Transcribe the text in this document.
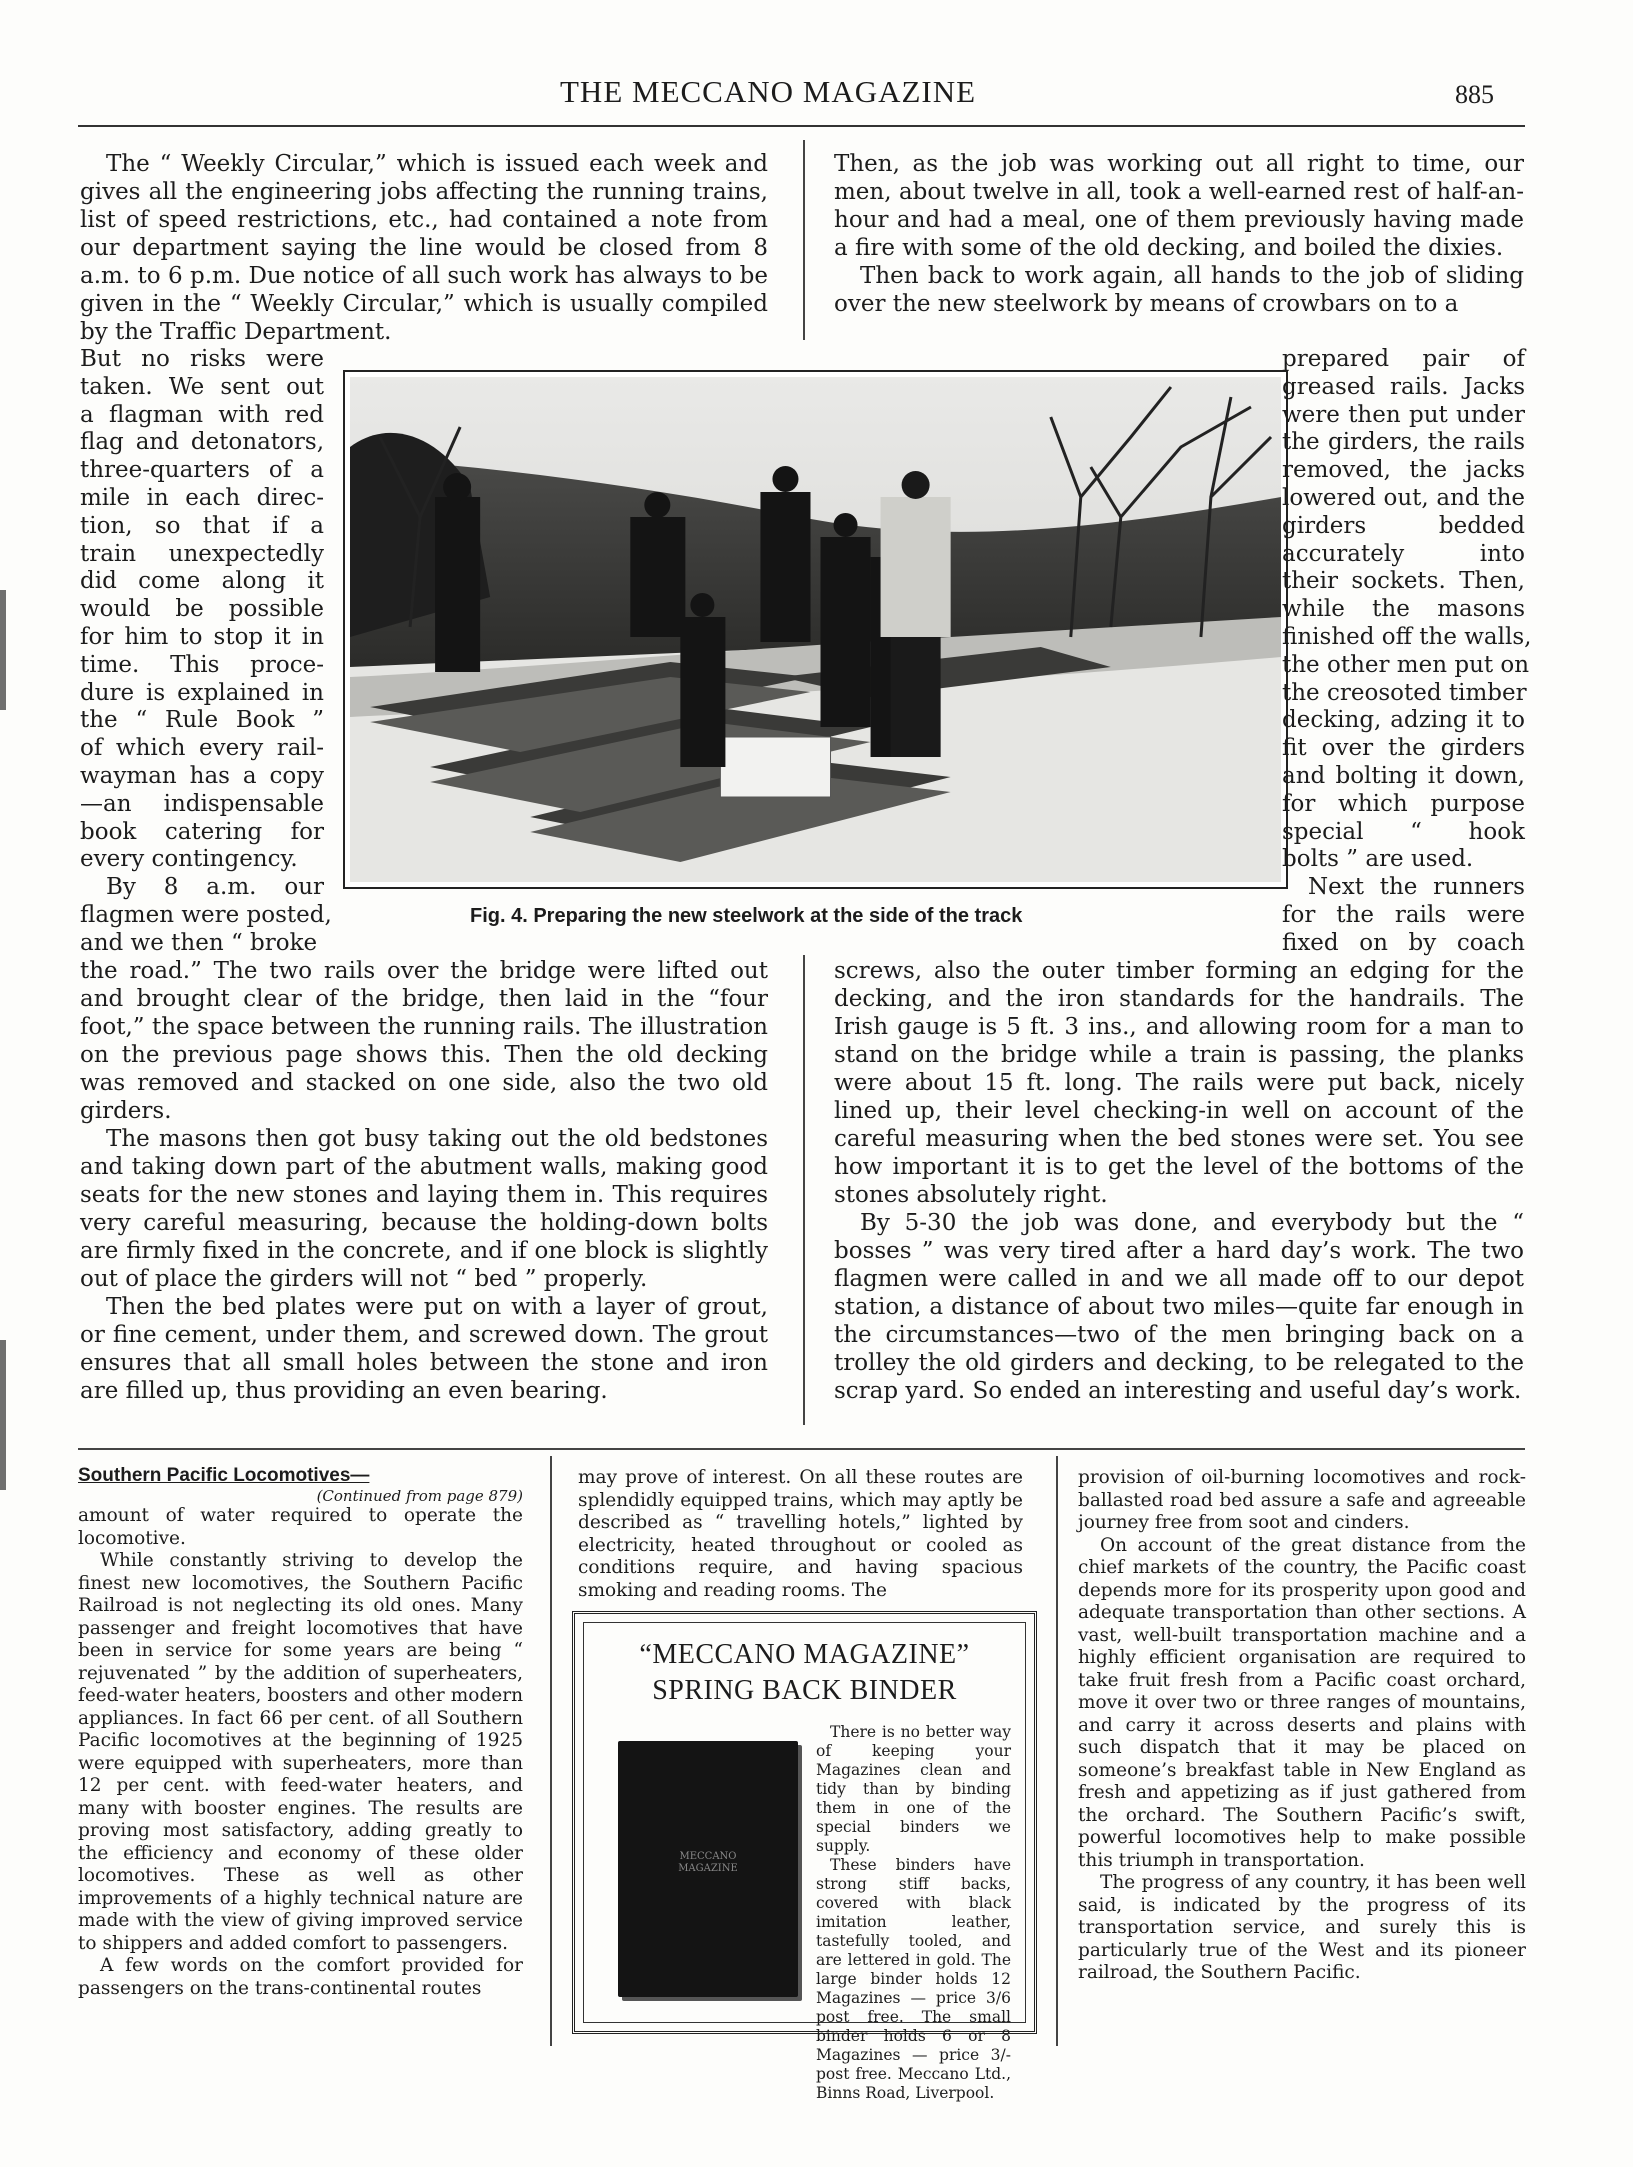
THE MECCANO MAGAZINE	885

The “ Weekly Circular,” which is issued each week and gives all the engineering jobs affecting the running trains, list of speed restrictions, etc., had contained a note from our department saying the line would be closed from 8 a.m. to 6 p.m. Due notice of all such work has always to be given in the “ Weekly Circular,” which is usually compiled by the Traffic Department.

But no risks were
taken. We sent out
a flagman with red
flag and detonators,
three-quarters of a
mile in each direc-
tion, so that if a
train unexpectedly
did come along it
would be possible
for him to stop it in
time. This proce-
dure is explained in
the “ Rule Book ”
of which every rail-
wayman has a copy
—an indispensable
book catering for
every contingency.
By 8 a.m. our
flagmen were posted,
and we then “ broke
Fig. 4. Preparing the new steelwork at the side of the track

the road.” The two rails over the bridge were lifted out and brought clear of the bridge, then laid in the “four foot,” the space between the running rails. The illustration on the previous page shows this. Then the old decking was removed and stacked on one side, also the two old girders.

The masons then got busy taking out the old bedstones and taking down part of the abutment walls, making good seats for the new stones and laying them in. This requires very careful measuring, because the holding-down bolts are firmly fixed in the concrete, and if one block is slightly out of place the girders will not “ bed ” properly.

Then the bed plates were put on with a layer of grout, or fine cement, under them, and screwed down. The grout ensures that all small holes between the stone and iron are filled up, thus providing an even bearing.

Then, as the job was working out all right to time, our men, about twelve in all, took a well-earned rest of half-an-hour and had a meal, one of them previously having made a fire with some of the old decking, and boiled the dixies.

Then back to work again, all hands to the job of sliding over the new steelwork by means of crowbars on to a

prepared pair of
greased rails. Jacks
were then put under
the girders, the rails
removed, the jacks
lowered out, and the
girders bedded
accurately into
their sockets. Then,
while the masons
finished off the walls,
the other men put on
the creosoted timber
decking, adzing it to
fit over the girders
and bolting it down,
for which purpose
special “ hook
bolts ” are used.
Next the runners
for the rails were
fixed on by coach

screws, also the outer timber forming an edging for the decking, and the iron standards for the handrails. The Irish gauge is 5 ft. 3 ins., and allowing room for a man to stand on the bridge while a train is passing, the planks were about 15 ft. long. The rails were put back, nicely lined up, their level checking-in well on account of the careful measuring when the bed stones were set. You see how important it is to get the level of the bottoms of the stones absolutely right.

By 5-30 the job was done, and everybody but the “ bosses ” was very tired after a hard day’s work. The two flagmen were called in and we all made off to our depot station, a distance of about two miles—quite far enough in the circumstances—two of the men bringing back on a trolley the old girders and decking, to be relegated to the scrap yard. So ended an interesting and useful day’s work.

Southern Pacific Locomotives—
(Continued from page 879)

amount of water required to operate the locomotive.

While constantly striving to develop the finest new locomotives, the Southern Pacific Railroad is not neglecting its old ones. Many passenger and freight locomotives that have been in service for some years are being “ rejuvenated ” by the addition of superheaters, feed-water heaters, boosters and other modern appliances. In fact 66 per cent. of all Southern Pacific locomotives at the beginning of 1925 were equipped with superheaters, more than 12 per cent. with feed-water heaters, and many with booster engines. The results are proving most satisfactory, adding greatly to the efficiency and economy of these older locomotives. These as well as other improvements of a highly technical nature are made with the view of giving improved service to shippers and added comfort to passengers.

A few words on the comfort provided for passengers on the trans-continental routes

may prove of interest. On all these routes are splendidly equipped trains, which may aptly be described as “ travelling hotels,” lighted by electricity, heated throughout or cooled as conditions require, and having spacious smoking and reading rooms. The

“MECCANO MAGAZINE”
SPRING BACK BINDER
MECCANO
MAGAZINE

There is no better way of keeping your Magazines clean and tidy than by binding them in one of the special binders we supply.

These binders have strong stiff backs, covered with black imitation leather, tastefully tooled, and are lettered in gold. The large binder holds 12 Magazines — price 3/6 post free. The small binder holds 6 or 8 Magazines — price 3/- post free. Meccano Ltd., Binns Road, Liverpool.

provision of oil-burning locomotives and rock-ballasted road bed assure a safe and agreeable journey free from soot and cinders.

On account of the great distance from the chief markets of the country, the Pacific coast depends more for its prosperity upon good and adequate transportation than other sections. A vast, well-built transportation machine and a highly efficient organisation are required to take fruit fresh from a Pacific coast orchard, move it over two or three ranges of mountains, and carry it across deserts and plains with such dispatch that it may be placed on someone’s breakfast table in New England as fresh and appetizing as if just gathered from the orchard. The Southern Pacific’s swift, powerful locomotives help to make possible this triumph in transportation.

The progress of any country, it has been well said, is indicated by the progress of its transportation service, and surely this is particularly true of the West and its pioneer railroad, the Southern Pacific.
